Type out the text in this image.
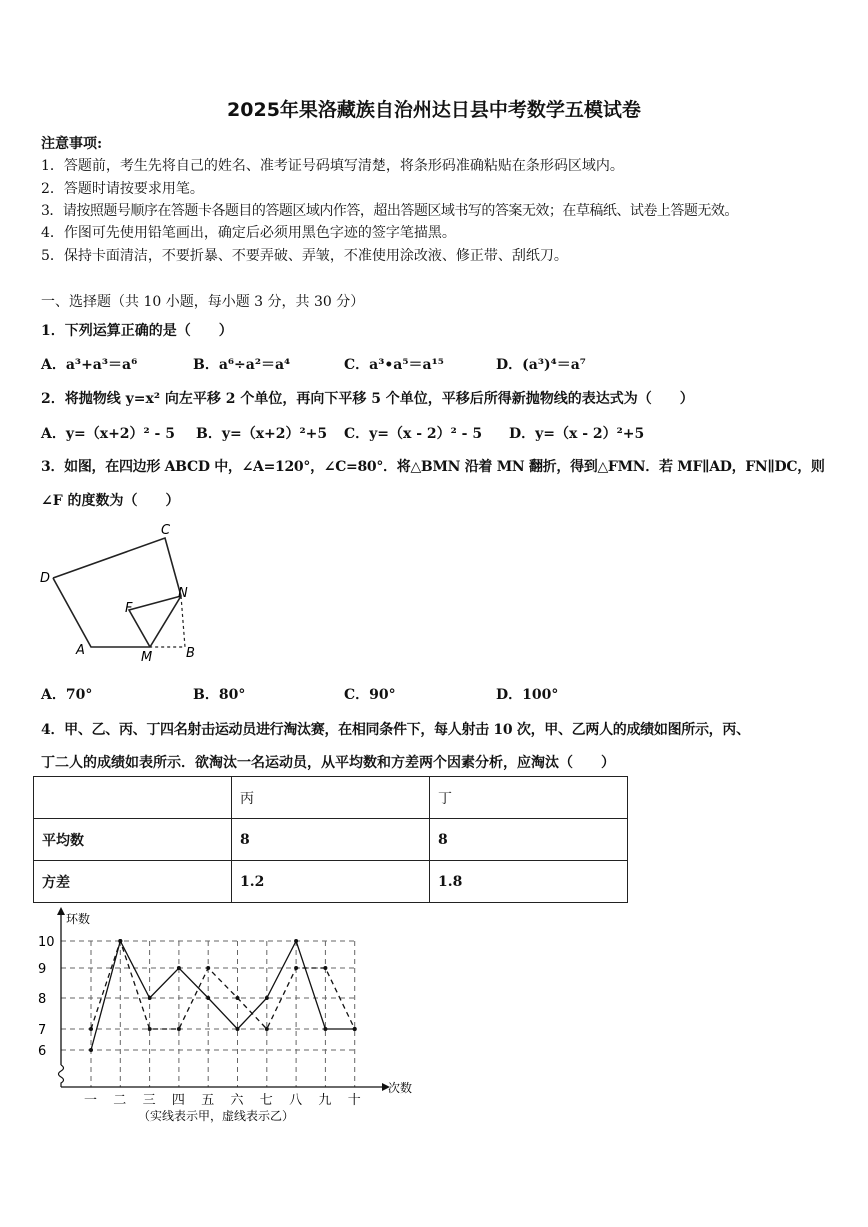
2025年果洛藏族自治州达日县中考数学五模试卷
注意事项:
1．答题前，考生先将自己的姓名、准考证号码填写清楚，将条形码准确粘贴在条形码区域内。
2．答题时请按要求用笔。
3．请按照题号顺序在答题卡各题目的答题区域内作答，超出答题区域书写的答案无效；在草稿纸、试卷上答题无效。
4．作图可先使用铅笔画出，确定后必须用黑色字迹的签字笔描黑。
5．保持卡面清洁，不要折暴、不要弄破、弄皱，不准使用涂改液、修正带、刮纸刀。
一、选择题（共 10 小题，每小题 3 分，共 30 分）
1．下列运算正确的是（　　）
A．a³+a³＝a⁶	B．a⁶÷a²＝a⁴	C．a³•a⁵＝a¹⁵	D．(a³)⁴＝a⁷
2．将抛物线 y=x² 向左平移 2 个单位，再向下平移 5 个单位，平移后所得新抛物线的表达式为（　　）
A．y=（x+2）² - 5 B．y=（x+2）²+5 C．y=（x - 2）² - 5 D．y=（x - 2）²+5
3．如图，在四边形 ABCD 中，∠A=120°，∠C=80°．将△BMN 沿着 MN 翻折，得到△FMN．若 MF∥AD，FN∥DC，则
∠F 的度数为（　　）
C
D
N
F
A	M	B
A．70°	B．80°	C．90°	D．100°
4．甲、乙、丙、丁四名射击运动员进行淘汰赛，在相同条件下，每人射击 10 次，甲、乙两人的成绩如图所示，丙、
丁二人的成绩如表所示．欲淘汰一名运动员，从平均数和方差两个因素分析，应淘汰（　　）
	丙	丁
平均数	8	8
方差	1.2	1.8
6
7
8
9
10
一 二 三 四 五 六 七 八 九 十
环数
次数
（实线表示甲，虚线表示乙）
